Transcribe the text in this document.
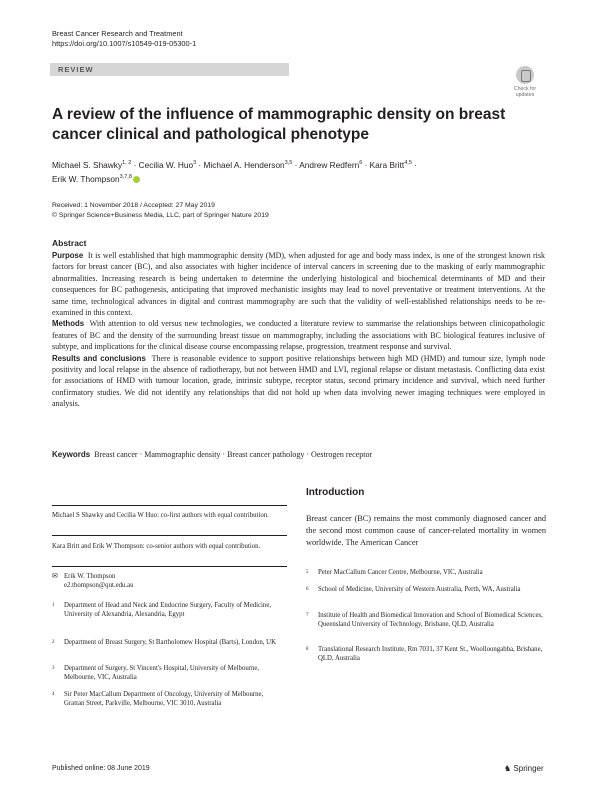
Breast Cancer Research and Treatment
https://doi.org/10.1007/s10549-019-05300-1
REVIEW
Check for updates
A review of the influence of mammographic density on breast cancer clinical and pathological phenotype
Michael S. Shawky$^{1, 2}$ · Cecilia W. Huo$^3$ · Michael A. Henderson$^{3,5}$ · Andrew Redfern$^6$ · Kara Britt$^{4,5}$ ·
Erik W. Thompson$^{3,7,8}$
Received: 1 November 2018 / Accepted: 27 May 2019
© Springer Science+Business Media, LLC, part of Springer Nature 2019
Abstract

Purpose It is well established that high mammographic density (MD), when adjusted for age and body mass index, is one of the strongest known risk factors for breast cancer (BC), and also associates with higher incidence of interval cancers in screening due to the masking of early mammographic abnormalities. Increasing research is being undertaken to determine the underlying histological and biochemical determinants of MD and their consequences for BC pathogenesis, anticipating that improved mechanistic insights may lead to novel preventative or treatment interventions. At the same time, technological advances in digital and contrast mammography are such that the validity of well-established relationships needs to be re-examined in this context.

Methods With attention to old versus new technologies, we conducted a literature review to summarise the relationships between clinicopathologic features of BC and the density of the surrounding breast tissue on mammography, including the associations with BC biological features inclusive of subtype, and implications for the clinical disease course encompassing relapse, progression, treatment response and survival.

Results and conclusions There is reasonable evidence to support positive relationships between high MD (HMD) and tumour size, lymph node positivity and local relapse in the absence of radiotherapy, but not between HMD and LVI, regional relapse or distant metastasis. Conflicting data exist for associations of HMD with tumour location, grade, intrinsic subtype, receptor status, second primary incidence and survival, which need further confirmatory studies. We did not identify any relationships that did not hold up when data involving newer imaging techniques were employed in analysis.

Keywords Breast cancer · Mammographic density · Breast cancer pathology · Oestrogen receptor
Introduction
Breast cancer (BC) remains the most commonly diagnosed cancer and the second most common cause of cancer-related mortality in women worldwide. The American Cancer
Michael S Shawky and Cecilia W Huo: co-first authors with equal contribution.
Kara Britt and Erik W Thompson: co-senior authors with equal contribution.
✉ Erik W. Thompson
e2.thompson@qut.edu.au
1 Department of Head and Neck and Endocrine Surgery, Faculty of Medicine, University of Alexandria, Alexandria, Egypt
2 Department of Breast Surgery, St Bartholomew Hospital (Barts), London, UK
3 Department of Surgery, St Vincent's Hospital, University of Melbourne, Melbourne, VIC, Australia
4 Sir Peter MacCallum Department of Oncology, University of Melbourne, Grattan Street, Parkville, Melbourne, VIC 3010, Australia
5 Peter MacCallum Cancer Centre, Melbourne, VIC, Australia
6 School of Medicine, University of Western Australia, Perth, WA, Australia
7 Institute of Health and Biomedical Innovation and School of Biomedical Sciences, Queensland University of Technology, Brisbane, QLD, Australia
8 Translational Research Institute, Rm 7031, 37 Kent St., Woolloongabba, Brisbane, QLD, Australia
Published online: 08 June 2019	♞ Springer
